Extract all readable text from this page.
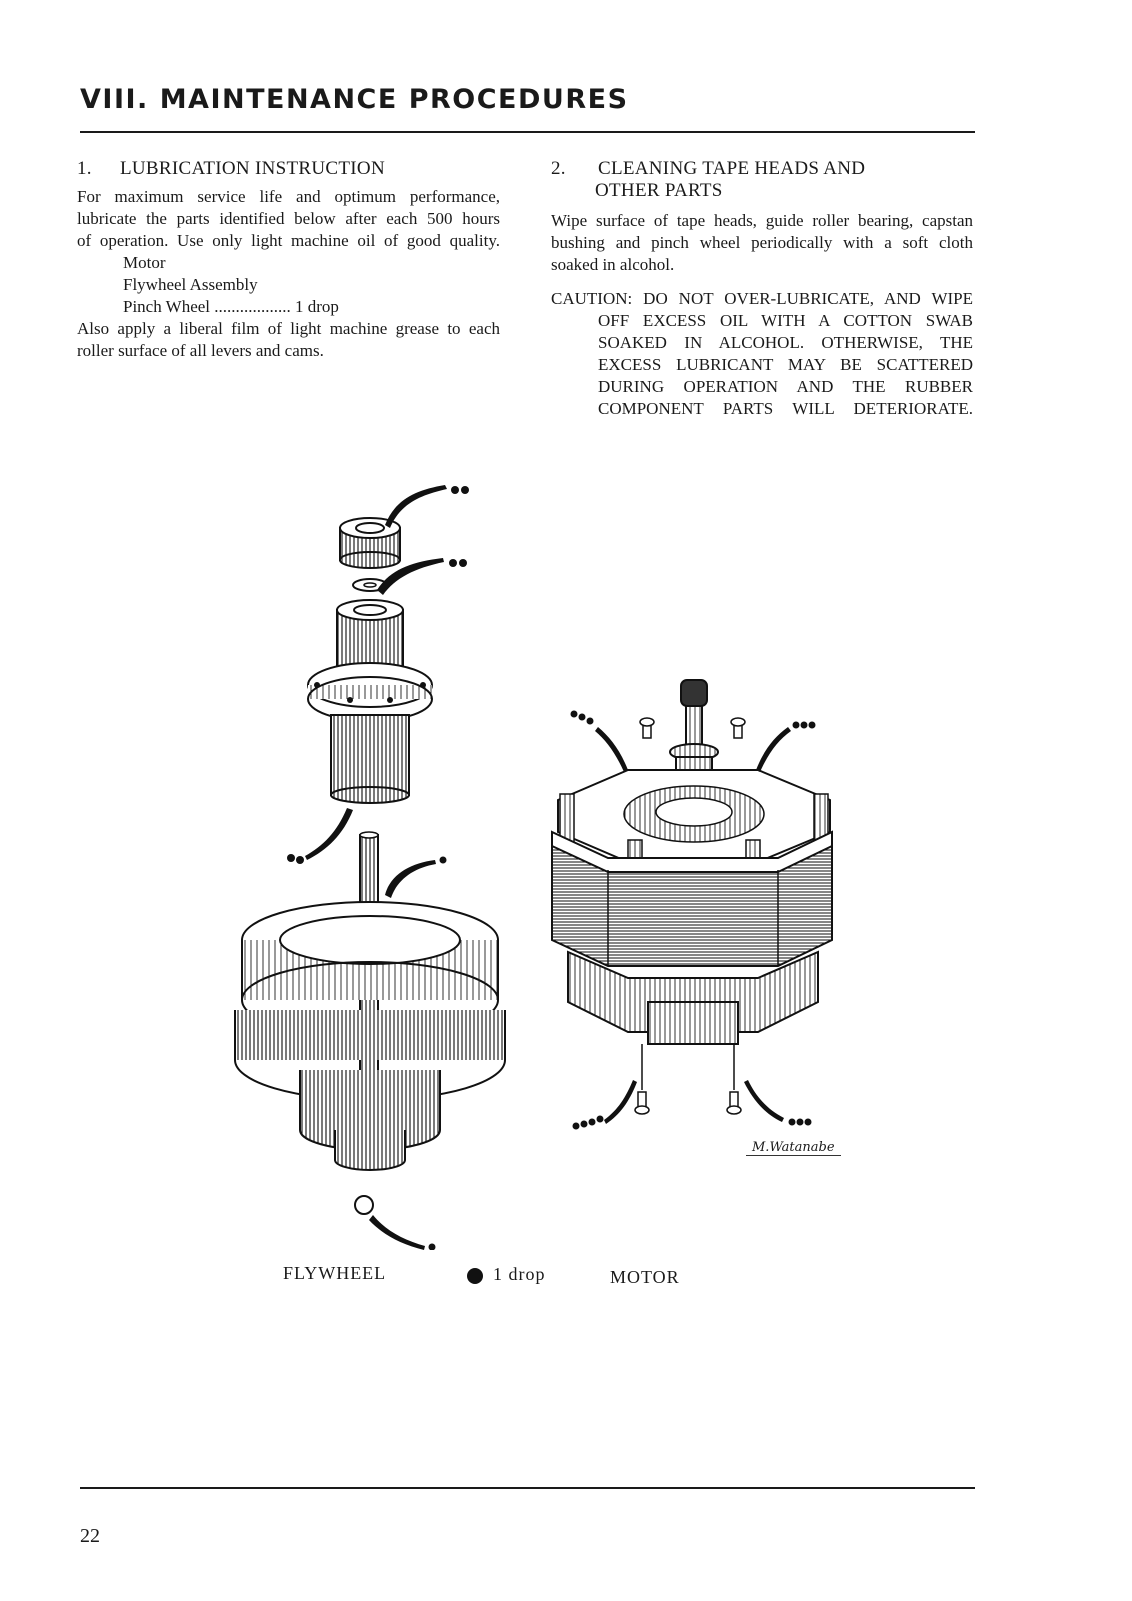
VIII. MAINTENANCE PROCEDURES
1. LUBRICATION INSTRUCTION

For maximum service life and optimum performance,

lubricate the parts identified below after each 500 hours

of operation. Use only light machine oil of good quality.

Motor

Flywheel Assembly

Pinch Wheel .................. 1 drop

Also apply a liberal film of light machine grease to each

roller surface of all levers and cams.

2. CLEANING TAPE HEADS AND
OTHER PARTS

Wipe surface of tape heads, guide roller bearing, capstan

bushing and pinch wheel periodically with a soft cloth

soaked in alcohol.

CAUTION: DO NOT OVER-LUBRICATE, AND WIPE

OFF EXCESS OIL WITH A COTTON SWAB

SOAKED IN ALCOHOL. OTHERWISE, THE

EXCESS LUBRICANT MAY BE SCATTERED

DURING OPERATION AND THE RUBBER

COMPONENT PARTS WILL DETERIORATE.

M.Watanabe
FLYWHEEL	1 drop	MOTOR
22
